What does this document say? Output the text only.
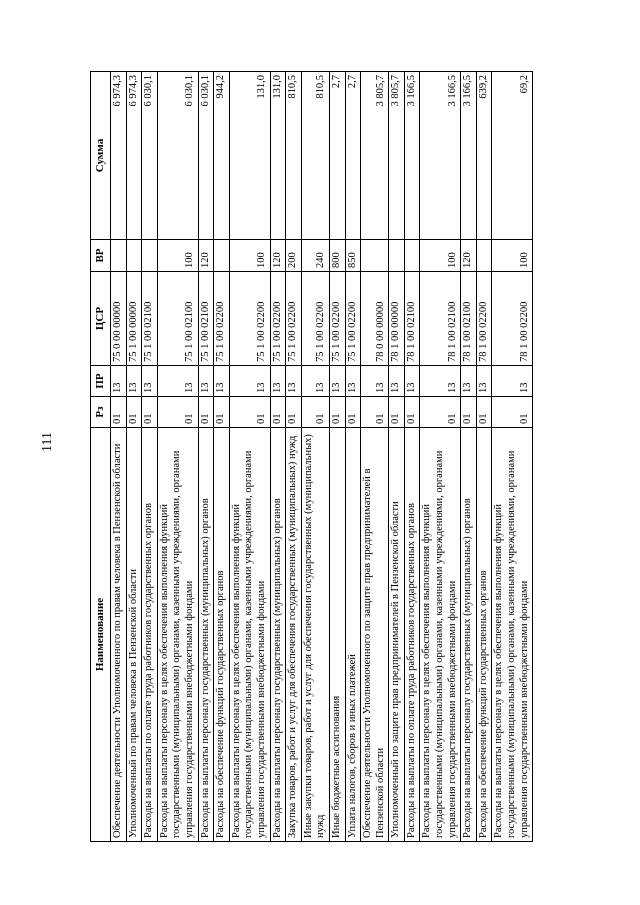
111
Наименование	Рз	ПР	ЦСР	ВР	Сумма
Обеспечение деятельности Уполномоченного по правам человека в Пензенской области	01	13	75 0 00 00000		6 974,3
Уполномоченный по правам человека в Пензенской области	01	13	75 1 00 00000		6 974,3
Расходы на выплаты по оплате труда работников государственных органов	01	13	75 1 00 02100		6 030,1
Расходы на выплаты персоналу в целях обеспечения выполнения функций государственными (муниципальными) органами, казенными учреждениями, органами управления государственными внебюджетными фондами	01	13	75 1 00 02100	100	6 030,1
Расходы на выплаты персоналу государственных (муниципальных) органов	01	13	75 1 00 02100	120	6 030,1
Расходы на обеспечение функций государственных органов	01	13	75 1 00 02200		944,2
Расходы на выплаты персоналу в целях обеспечения выполнения функций государственными (муниципальными) органами, казенными учреждениями, органами управления государственными внебюджетными фондами	01	13	75 1 00 02200	100	131,0
Расходы на выплаты персоналу государственных (муниципальных) органов	01	13	75 1 00 02200	120	131,0
Закупка товаров, работ и услуг для обеспечения государственных (муниципальных) нужд	01	13	75 1 00 02200	200	810,5
Иные закупки товаров, работ и услуг для обеспечения государственных (муниципальных) нужд	01	13	75 1 00 02200	240	810,5
Иные бюджетные ассигнования	01	13	75 1 00 02200	800	2,7
Уплата налогов, сборов и иных платежей	01	13	75 1 00 02200	850	2,7
Обеспечение деятельности Уполномоченного по защите прав предпринимателей в Пензенской области	01	13	78 0 00 00000		3 805,7
Уполномоченный по защите прав предпринимателей в Пензенской области	01	13	78 1 00 00000		3 805,7
Расходы на выплаты по оплате труда работников государственных органов	01	13	78 1 00 02100		3 166,5
Расходы на выплаты персоналу в целях обеспечения выполнения функций государственными (муниципальными) органами, казенными учреждениями, органами управления государственными внебюджетными фондами	01	13	78 1 00 02100	100	3 166,5
Расходы на выплаты персоналу государственных (муниципальных) органов	01	13	78 1 00 02100	120	3 166,5
Расходы на обеспечение функций государственных органов	01	13	78 1 00 02200		639,2
Расходы на выплаты персоналу в целях обеспечения выполнения функций государственными (муниципальными) органами, казенными учреждениями, органами управления государственными внебюджетными фондами	01	13	78 1 00 02200	100	69,2
